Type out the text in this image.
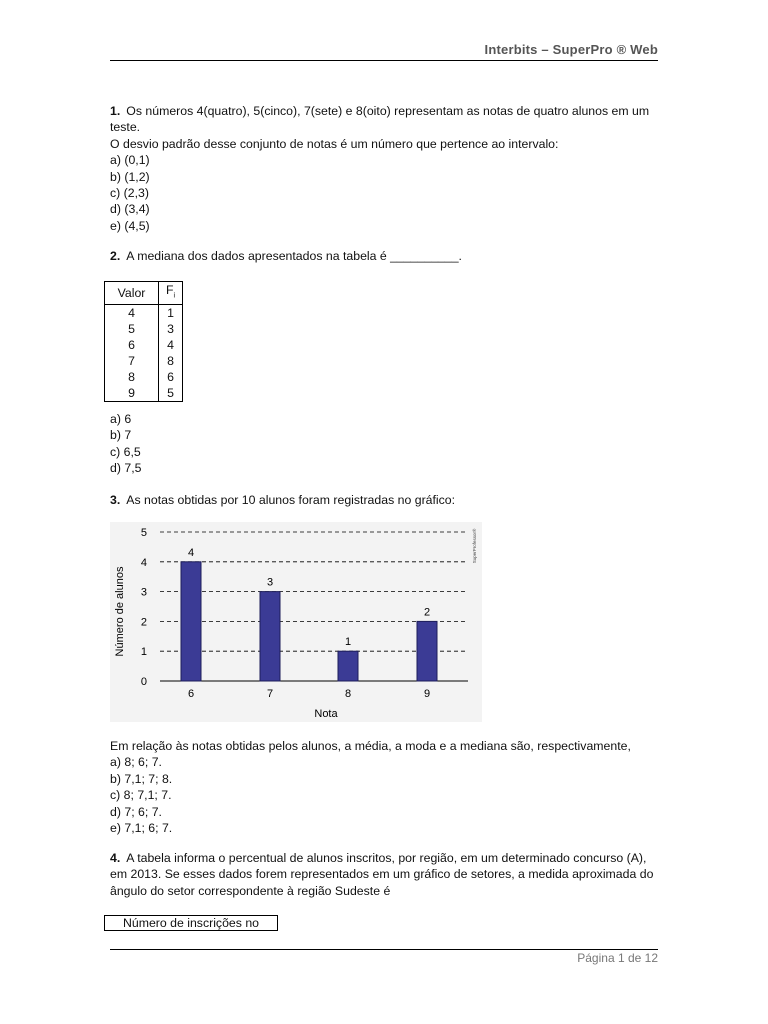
Interbits – SuperPro ® Web

1. Os números 4(quatro), 5(cinco), 7(sete) e 8(oito) representam as notas de quatro alunos em um teste.

O desvio padrão desse conjunto de notas é um número que pertence ao intervalo:

a) (0,1)
b) (1,2)
c) (2,3)
d) (3,4)
e) (4,5)

2. A mediana dos dados apresentados na tabela é __________.

Valor	$F_i$
4	1
5	3
6	4
7	8
8	6
9	5
a) 6
b) 7
c) 6,5
d) 7,5

3. As notas obtidas por 10 alunos foram registradas no gráfico:

0
1
2
3
4
5
4
6
3
7
1
8
2
9
Nota
Número de alunos
SuperProfessor®

Em relação às notas obtidas pelos alunos, a média, a moda e a mediana são, respectivamente,

a) 8; 6; 7.
b) 7,1; 7; 8.
c) 8; 7,1; 7.
d) 7; 6; 7.
e) 7,1; 6; 7.

4. A tabela informa o percentual de alunos inscritos, por região, em um determinado concurso (A), em 2013. Se esses dados forem representados em um gráfico de setores, a medida aproximada do ângulo do setor correspondente à região Sudeste é

Número de inscrições no
Página 1 de 12
